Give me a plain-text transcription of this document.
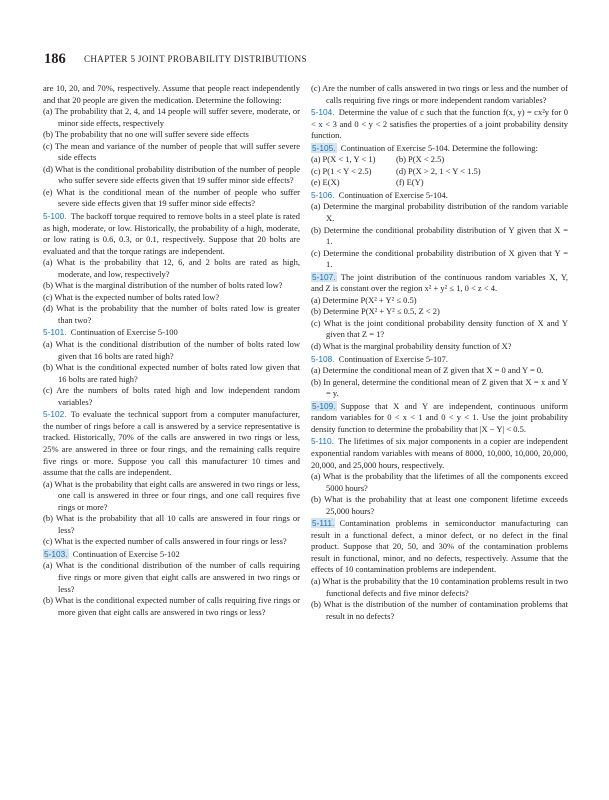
186 CHAPTER 5 JOINT PROBABILITY DISTRIBUTIONS

are 10, 20, and 70%, respectively. Assume that people react independently and that 20 people are given the medication. Determine the following:

(a) The probability that 2, 4, and 14 people will suffer severe, moderate, or minor side effects, respectively
(b) The probability that no one will suffer severe side effects
(c) The mean and variance of the number of people that will suffer severe side effects
(d) What is the conditional probability distribution of the number of people who suffer severe side effects given that 19 suffer minor side effects?
(e) What is the conditional mean of the number of people who suffer severe side effects given that 19 suffer minor side effects?

5-100.  The backoff torque required to remove bolts in a steel plate is rated as high, moderate, or low. Historically, the probability of a high, moderate, or low rating is 0.6, 0.3, or 0.1, respectively. Suppose that 20 bolts are evaluated and that the torque ratings are independent.

(a) What is the probability that 12, 6, and 2 bolts are rated as high, moderate, and low, respectively?
(b) What is the marginal distribution of the number of bolts rated low?
(c) What is the expected number of bolts rated low?
(d) What is the probability that the number of bolts rated low is greater than two?

5-101.  Continuation of Exercise 5-100

(a) What is the conditional distribution of the number of bolts rated low given that 16 bolts are rated high?
(b) What is the conditional expected number of bolts rated low given that 16 bolts are rated high?
(c) Are the numbers of bolts rated high and low independent random variables?

5-102.  To evaluate the technical support from a computer manufacturer, the number of rings before a call is answered by a service representative is tracked. Historically, 70% of the calls are answered in two rings or less, 25% are answered in three or four rings, and the remaining calls require five rings or more. Suppose you call this manufacturer 10 times and assume that the calls are independent.

(a) What is the probability that eight calls are answered in two rings or less, one call is answered in three or four rings, and one call requires five rings or more?
(b) What is the probability that all 10 calls are answered in four rings or less?
(c) What is the expected number of calls answered in four rings or less?

5-103.  Continuation of Exercise 5-102

(a) What is the conditional distribution of the number of calls requiring five rings or more given that eight calls are answered in two rings or less?
(b) What is the conditional expected number of calls requiring five rings or more given that eight calls are answered in two rings or less?
(c) Are the number of calls answered in two rings or less and the number of calls requiring five rings or more independent random variables?

5-104.  Determine the value of c such that the function f(x, y) = cx²y for 0 < x < 3 and 0 < y < 2 satisfies the properties of a joint probability density function.

5-105.  Continuation of Exercise 5-104. Determine the following:

(a) P(X < 1, Y < 1)	(b) P(X < 2.5)
(c) P(1 < Y < 2.5)	(d) P(X > 2, 1 < Y < 1.5)
(e) E(X)	(f) E(Y)

5-106.  Continuation of Exercise 5-104.

(a) Determine the marginal probability distribution of the random variable X.
(b) Determine the conditional probability distribution of Y given that X = 1.
(c) Determine the conditional probability distribution of X given that Y = 1.

5-107.  The joint distribution of the continuous random variables X, Y, and Z is constant over the region x² + y² ≤ 1, 0 < z < 4.

(a) Determine P(X² + Y² ≤ 0.5)
(b) Determine P(X² + Y² ≤ 0.5, Z < 2)
(c) What is the joint conditional probability density function of X and Y given that Z = 1?
(d) What is the marginal probability density function of X?

5-108.  Continuation of Exercise 5-107.

(a) Determine the conditional mean of Z given that X = 0 and Y = 0.
(b) In general, determine the conditional mean of Z given that X = x and Y = y.

5-109.  Suppose that X and Y are independent, continuous uniform random variables for 0 < x < 1 and 0 < y < 1. Use the joint probability density function to determine the probability that |X − Y| < 0.5.

5-110.  The lifetimes of six major components in a copier are independent exponential random variables with means of 8000, 10,000, 10,000, 20,000, 20,000, and 25,000 hours, respectively.

(a) What is the probability that the lifetimes of all the components exceed 5000 hours?
(b) What is the probability that at least one component lifetime exceeds 25,000 hours?

5-111.  Contamination problems in semiconductor manufacturing can result in a functional defect, a minor defect, or no defect in the final product. Suppose that 20, 50, and 30% of the contamination problems result in functional, minor, and no defects, respectively. Assume that the effects of 10 contamination problems are independent.

(a) What is the probability that the 10 contamination problems result in two functional defects and five minor defects?
(b) What is the distribution of the number of contamination problems that result in no defects?
